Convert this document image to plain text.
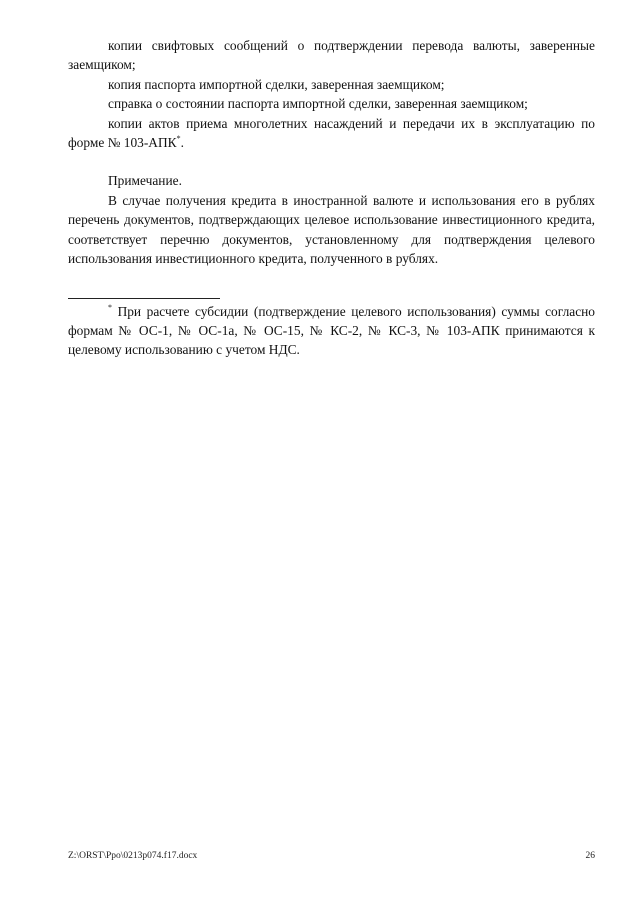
копии свифтовых сообщений о подтверждении перевода валюты, заверенные заемщиком;

копия паспорта импортной сделки, заверенная заемщиком;

справка о состоянии паспорта импортной сделки, заверенная заемщиком;

копии актов приема многолетних насаждений и передачи их в эксплуатацию по форме № 103-АПК*.

Примечание.

В случае получения кредита в иностранной валюте и использования его в рублях перечень документов, подтверждающих целевое использование инвестиционного кредита, соответствует перечню документов, установленному для подтверждения целевого использования инвестиционного кредита, полученного в рублях.

* При расчете субсидии (подтверждение целевого использования) суммы согласно формам № ОС-1, № ОС-1а, № ОС-15, № КС-2, № КС-3, № 103-АПК принимаются к целевому использованию с учетом НДС.

Z:\ORST\Ppo\0213p074.f17.docx	26
